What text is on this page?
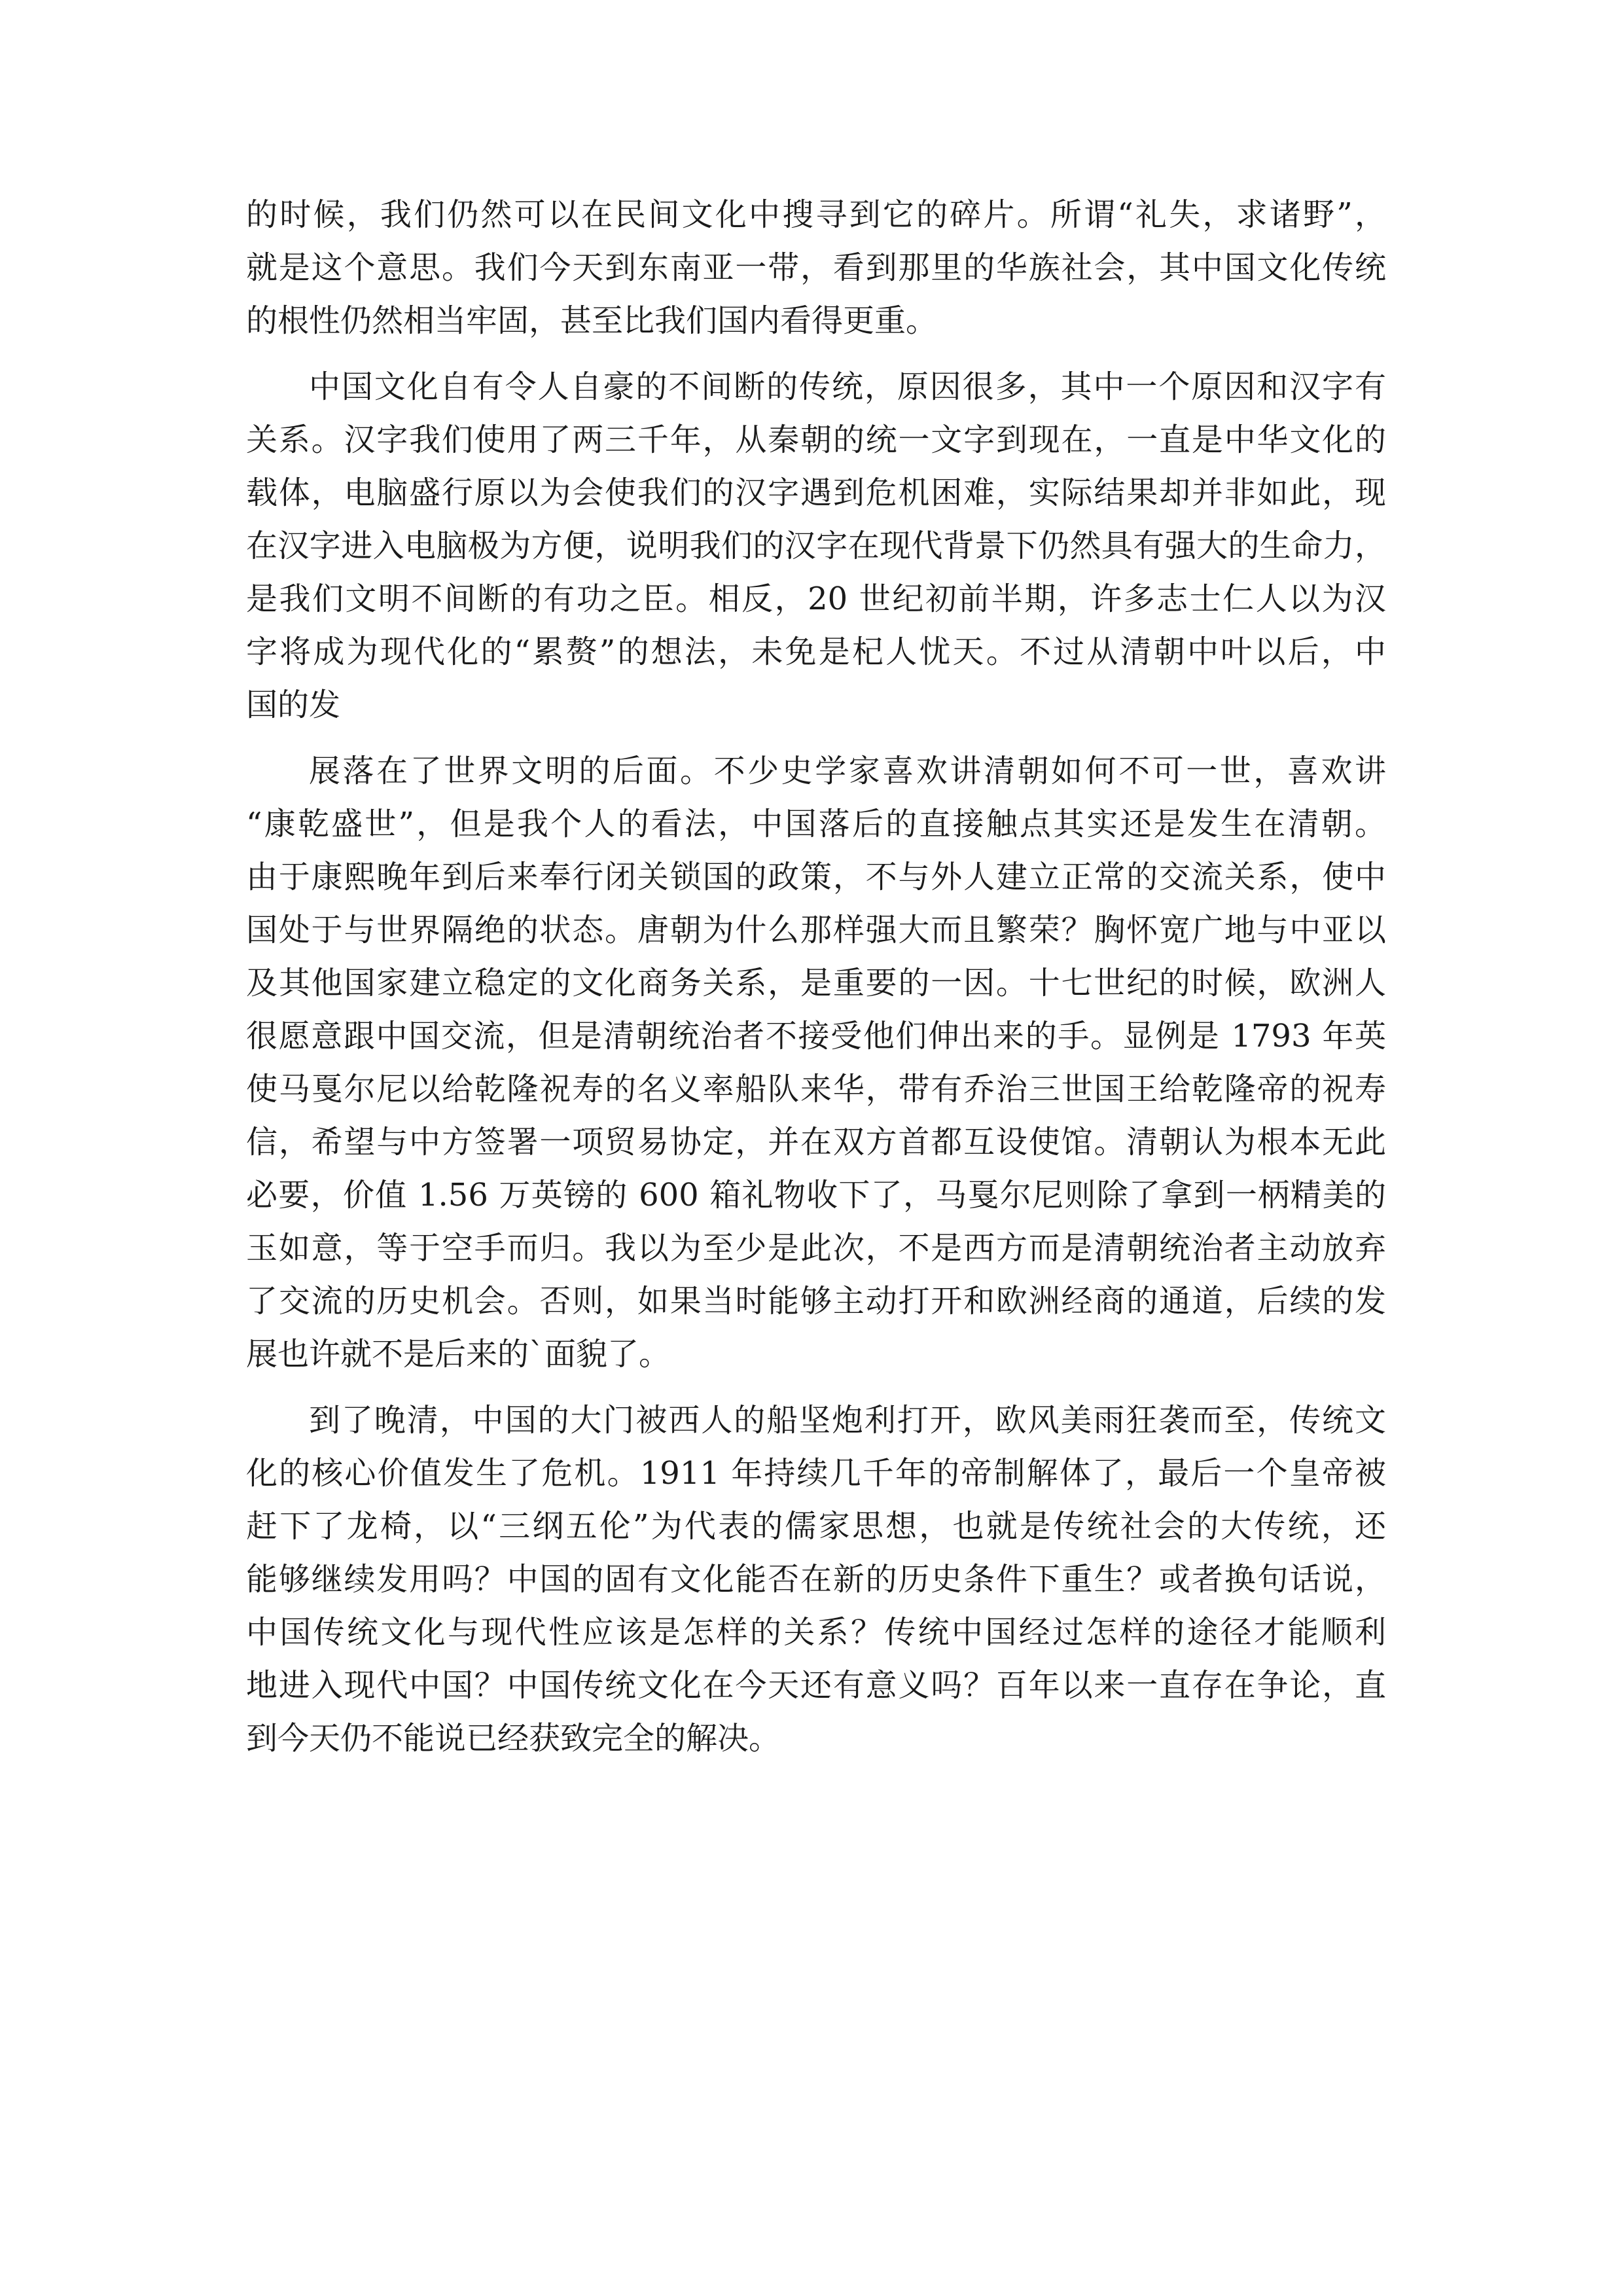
的时候，我们仍然可以在民间文化中搜寻到它的碎片。所谓“礼失，求诸野”，
就是这个意思。我们今天到东南亚一带，看到那里的华族社会，其中国文化传统
的根性仍然相当牢固，甚至比我们国内看得更重。
中国文化自有令人自豪的不间断的传统，原因很多，其中一个原因和汉字有
关系。汉字我们使用了两三千年，从秦朝的统一文字到现在，一直是中华文化的
载体，电脑盛行原以为会使我们的汉字遇到危机困难，实际结果却并非如此，现
在汉字进入电脑极为方便，说明我们的汉字在现代背景下仍然具有强大的生命力，
是我们文明不间断的有功之臣。相反，20 世纪初前半期，许多志士仁人以为汉
字将成为现代化的“累赘”的想法，未免是杞人忧天。不过从清朝中叶以后，中
国的发
展落在了世界文明的后面。不少史学家喜欢讲清朝如何不可一世，喜欢讲
“康乾盛世”，但是我个人的看法，中国落后的直接触点其实还是发生在清朝。
由于康熙晚年到后来奉行闭关锁国的政策，不与外人建立正常的交流关系，使中
国处于与世界隔绝的状态。唐朝为什么那样强大而且繁荣？胸怀宽广地与中亚以
及其他国家建立稳定的文化商务关系，是重要的一因。十七世纪的时候，欧洲人
很愿意跟中国交流，但是清朝统治者不接受他们伸出来的手。显例是 1793 年英
使马戛尔尼以给乾隆祝寿的名义率船队来华，带有乔治三世国王给乾隆帝的祝寿
信，希望与中方签署一项贸易协定，并在双方首都互设使馆。清朝认为根本无此
必要，价值 1.56 万英镑的 600 箱礼物收下了，马戛尔尼则除了拿到一柄精美的
玉如意，等于空手而归。我以为至少是此次，不是西方而是清朝统治者主动放弃
了交流的历史机会。否则，如果当时能够主动打开和欧洲经商的通道，后续的发
展也许就不是后来的`面貌了。
到了晚清，中国的大门被西人的船坚炮利打开，欧风美雨狂袭而至，传统文
化的核心价值发生了危机。1911 年持续几千年的帝制解体了，最后一个皇帝被
赶下了龙椅，以“三纲五伦”为代表的儒家思想，也就是传统社会的大传统，还
能够继续发用吗？中国的固有文化能否在新的历史条件下重生？或者换句话说，
中国传统文化与现代性应该是怎样的关系？传统中国经过怎样的途径才能顺利
地进入现代中国？中国传统文化在今天还有意义吗？百年以来一直存在争论，直
到今天仍不能说已经获致完全的解决。
